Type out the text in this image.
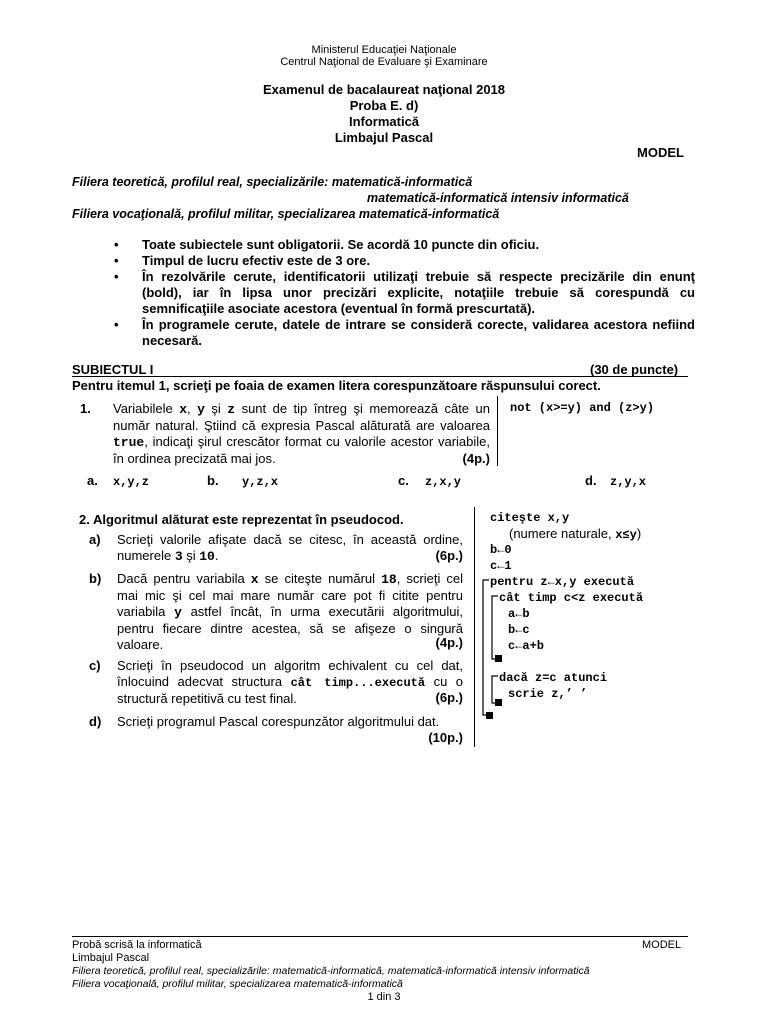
Ministerul Educaţiei Naţionale
Centrul Naţional de Evaluare şi Examinare
Examenul de bacalaureat naţional 2018
Proba E. d)
Informatică
Limbajul Pascal
MODEL
Filiera teoretică, profilul real, specializările: matematică-informatică
matematică-informatică intensiv informatică
Filiera vocaţională, profilul militar, specializarea matematică-informatică
• Toate subiectele sunt obligatorii. Se acordă 10 puncte din oficiu.
• Timpul de lucru efectiv este de 3 ore.
• În rezolvările cerute, identificatorii utilizaţi trebuie să respecte precizările din enunţ (bold), iar în lipsa unor precizări explicite, notaţiile trebuie să corespundă cu semnificaţiile asociate acestora (eventual în formă prescurtată).
• În programele cerute, datele de intrare se consideră corecte, validarea acestora nefiind necesară.
SUBIECTUL I	(30 de puncte)
Pentru itemul 1, scrieţi pe foaia de examen litera corespunzătoare răspunsului corect.
1. Variabilele x, y şi z sunt de tip întreg şi memorează câte un număr natural. Ştiind că expresia Pascal alăturată are valoarea true, indicaţi şirul crescător format cu valorile acestor variabile, în ordinea precizată mai jos.	(4p.)
not (x>=y) and (z>y)
a. x,y,z	b. y,z,x	c. z,x,y	d. z,y,x
2. Algoritmul alăturat este reprezentat în pseudocod.
a) Scrieţi valorile afişate dacă se citesc, în această ordine, numerele 3 şi 10.	(6p.)
b) Dacă pentru variabila x se citeşte numărul 18, scrieţi cel mai mic şi cel mai mare număr care pot fi citite pentru variabila y astfel încât, în urma executării algoritmului, pentru fiecare dintre acestea, să se afişeze o singură valoare.	(4p.)
c) Scrieţi în pseudocod un algoritm echivalent cu cel dat, înlocuind adecvat structura cât timp...execută cu o structură repetitivă cu test final.	(6p.)
d) Scrieţi programul Pascal corespunzător algoritmului dat.
(10p.)
citeşte x,y
(numere naturale, x≤y)
b←0
c←1
pentru z←x,y execută
cât timp c<z execută
a←b
b←c
c←a+b
dacă z=c atunci
scrie z,’ ’
Probă scrisă la informatică	MODEL
Limbajul Pascal
Filiera teoretică, profilul real, specializările: matematică-informatică, matematică-informatică intensiv informatică
Filiera vocaţională, profilul militar, specializarea matematică-informatică
1 din 3
